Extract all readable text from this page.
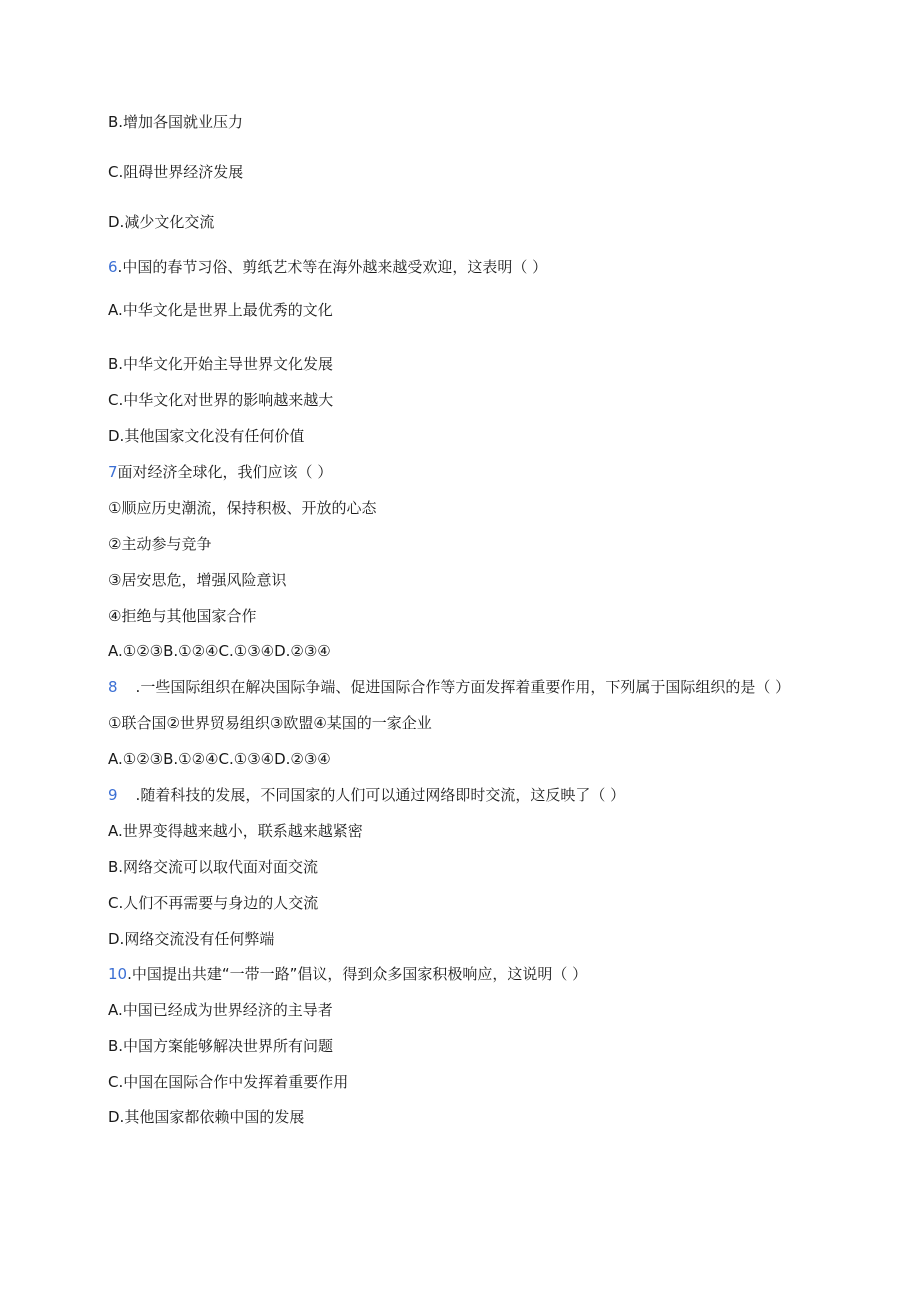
B.增加各国就业压力
C.阻碍世界经济发展
D.减少文化交流
6.中国的春节习俗、剪纸艺术等在海外越来越受欢迎，这表明（ ）
A.中华文化是世界上最优秀的文化
B.中华文化开始主导世界文化发展
C.中华文化对世界的影响越来越大
D.其他国家文化没有任何价值
7面对经济全球化，我们应该（ ）
①顺应历史潮流，保持积极、开放的心态
②主动参与竞争
③居安思危，增强风险意识
④拒绝与其他国家合作
A.①②③B.①②④C.①③④D.②③④
8 .一些国际组织在解决国际争端、促进国际合作等方面发挥着重要作用，下列属于国际组织的是（ ）
①联合国②世界贸易组织③欧盟④某国的一家企业
A.①②③B.①②④C.①③④D.②③④
9 .随着科技的发展，不同国家的人们可以通过网络即时交流，这反映了（ ）
A.世界变得越来越小，联系越来越紧密
B.网络交流可以取代面对面交流
C.人们不再需要与身边的人交流
D.网络交流没有任何弊端
10.中国提出共建“一带一路”倡议，得到众多国家积极响应，这说明（ ）
A.中国已经成为世界经济的主导者
B.中国方案能够解决世界所有问题
C.中国在国际合作中发挥着重要作用
D.其他国家都依赖中国的发展
